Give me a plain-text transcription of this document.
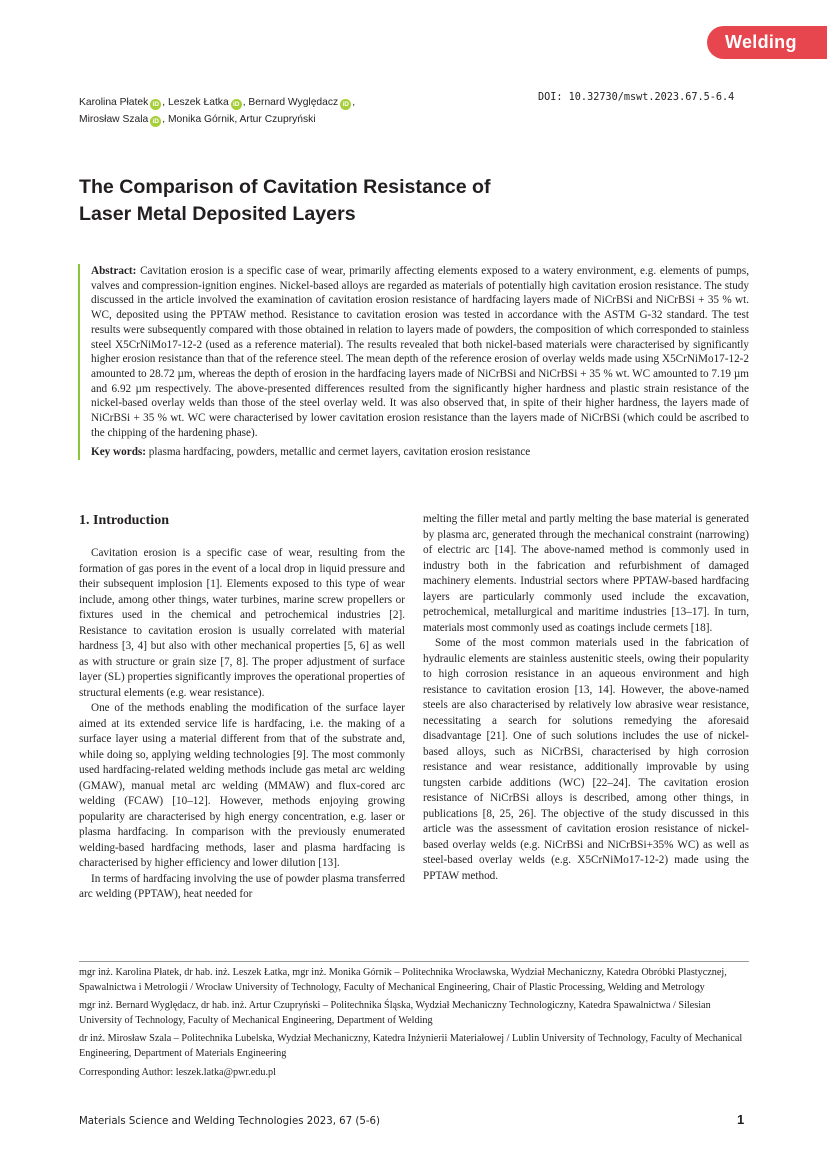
Welding
Karolina Płatek iD , Leszek Łatka iD , Bernard Wyględacz iD ,
Mirosław Szala iD , Monika Górnik, Artur Czupryński
DOI: 10.32730/mswt.2023.67.5-6.4
The Comparison of Cavitation Resistance of
Laser Metal Deposited Layers

Abstract: Cavitation erosion is a specific case of wear, primarily affecting elements exposed to a watery environment, e.g. elements of pumps, valves and compression-ignition engines. Nickel-based alloys are regarded as materials of potentially high cavitation erosion resistance. The study discussed in the article involved the examination of cavitation erosion resistance of hardfacing layers made of NiCrBSi and NiCrBSi + 35 % wt. WC, deposited using the PPTAW method. Resistance to cavitation erosion was tested in accordance with the ASTM G-32 standard. The test results were subsequently compared with those obtained in relation to layers made of powders, the composition of which corresponded to stainless steel X5CrNiMo17-12-2 (used as a reference material). The results revealed that both nickel-based materials were characterised by significantly higher erosion resistance than that of the reference steel. The mean depth of the reference erosion of overlay welds made using X5CrNiMo17-12-2 amounted to 28.72 µm, whereas the depth of erosion in the hardfacing layers made of NiCrBSi and NiCrBSi + 35 % wt. WC amounted to 7.19 µm and 6.92 µm respectively. The above-presented differences resulted from the significantly higher hardness and plastic strain resistance of the nickel-based overlay welds than those of the steel overlay weld. It was also observed that, in spite of their higher hardness, the layers made of NiCrBSi + 35 % wt. WC were characterised by lower cavitation erosion resistance than the layers made of NiCrBSi (which could be ascribed to the chipping of the hardening phase).

Key words: plasma hardfacing, powders, metallic and cermet layers, cavitation erosion resistance

1. Introduction

Cavitation erosion is a specific case of wear, resulting from the formation of gas pores in the event of a local drop in liquid pressure and their subsequent implosion [1]. Elements exposed to this type of wear include, among other things, water turbines, marine screw propellers or fixtures used in the chemical and petrochemical industries [2]. Resistance to cavitation erosion is usually correlated with material hardness [3, 4] but also with other mechanical properties [5, 6] as well as with structure or grain size [7, 8]. The proper adjustment of surface layer (SL) properties significantly improves the operational properties of structural elements (e.g. wear resistance).

One of the methods enabling the modification of the surface layer aimed at its extended service life is hardfacing, i.e. the making of a surface layer using a material different from that of the substrate and, while doing so, applying welding technologies [9]. The most commonly used hardfacing-related welding methods include gas metal arc welding (GMAW), manual metal arc welding (MMAW) and flux-cored arc welding (FCAW) [10–12]. However, methods enjoying growing popularity are characterised by high energy concentration, e.g. laser or plasma hardfacing. In comparison with the previously enumerated welding-based hardfacing methods, laser and plasma hardfacing is characterised by higher efficiency and lower dilution [13].

In terms of hardfacing involving the use of powder plasma transferred arc welding (PPTAW), heat needed for

melting the filler metal and partly melting the base material is generated by plasma arc, generated through the mechanical constraint (narrowing) of electric arc [14]. The above-named method is commonly used in industry both in the fabrication and refurbishment of damaged machinery elements. Industrial sectors where PPTAW-based hardfacing layers are particularly commonly used include the excavation, petrochemical, metallurgical and maritime industries [13–17]. In turn, materials most commonly used as coatings include cermets [18].

Some of the most common materials used in the fabrication of hydraulic elements are stainless austenitic steels, owing their popularity to high corrosion resistance in an aqueous environment and high resistance to cavitation erosion [13, 14]. However, the above-named steels are also characterised by relatively low abrasive wear resistance, necessitating a search for solutions remedying the aforesaid disadvantage [21]. One of such solutions includes the use of nickel-based alloys, such as NiCrBSi, characterised by high corrosion resistance and wear resistance, additionally improvable by using tungsten carbide additions (WC) [22–24]. The cavitation erosion resistance of NiCrBSi alloys is described, among other things, in publications [8, 25, 26]. The objective of the study discussed in this article was the assessment of cavitation erosion resistance of nickel-based overlay welds (e.g. NiCrBSi and NiCrBSi+35% WC) as well as steel-based overlay welds (e.g. X5CrNiMo17-12-2) made using the PPTAW method.

mgr inż. Karolina Płatek, dr hab. inż. Leszek Łatka, mgr inż. Monika Górnik – Politechnika Wrocławska, Wydział Mechaniczny, Katedra Obróbki Plastycznej, Spawalnictwa i Metrologii / Wrocław University of Technology, Faculty of Mechanical Engineering, Chair of Plastic Processing, Welding and Metrology

mgr inż. Bernard Wyględacz, dr hab. inż. Artur Czupryński – Politechnika Śląska, Wydział Mechaniczny Technologiczny, Katedra Spawalnictwa / Silesian University of Technology, Faculty of Mechanical Engineering, Department of Welding

dr inż. Mirosław Szala – Politechnika Lubelska, Wydział Mechaniczny, Katedra Inżynierii Materiałowej / Lublin University of Technology, Faculty of Mechanical Engineering, Department of Materials Engineering

Corresponding Author: leszek.latka@pwr.edu.pl

Materials Science and Welding Technologies 2023, 67 (5-6)	1
